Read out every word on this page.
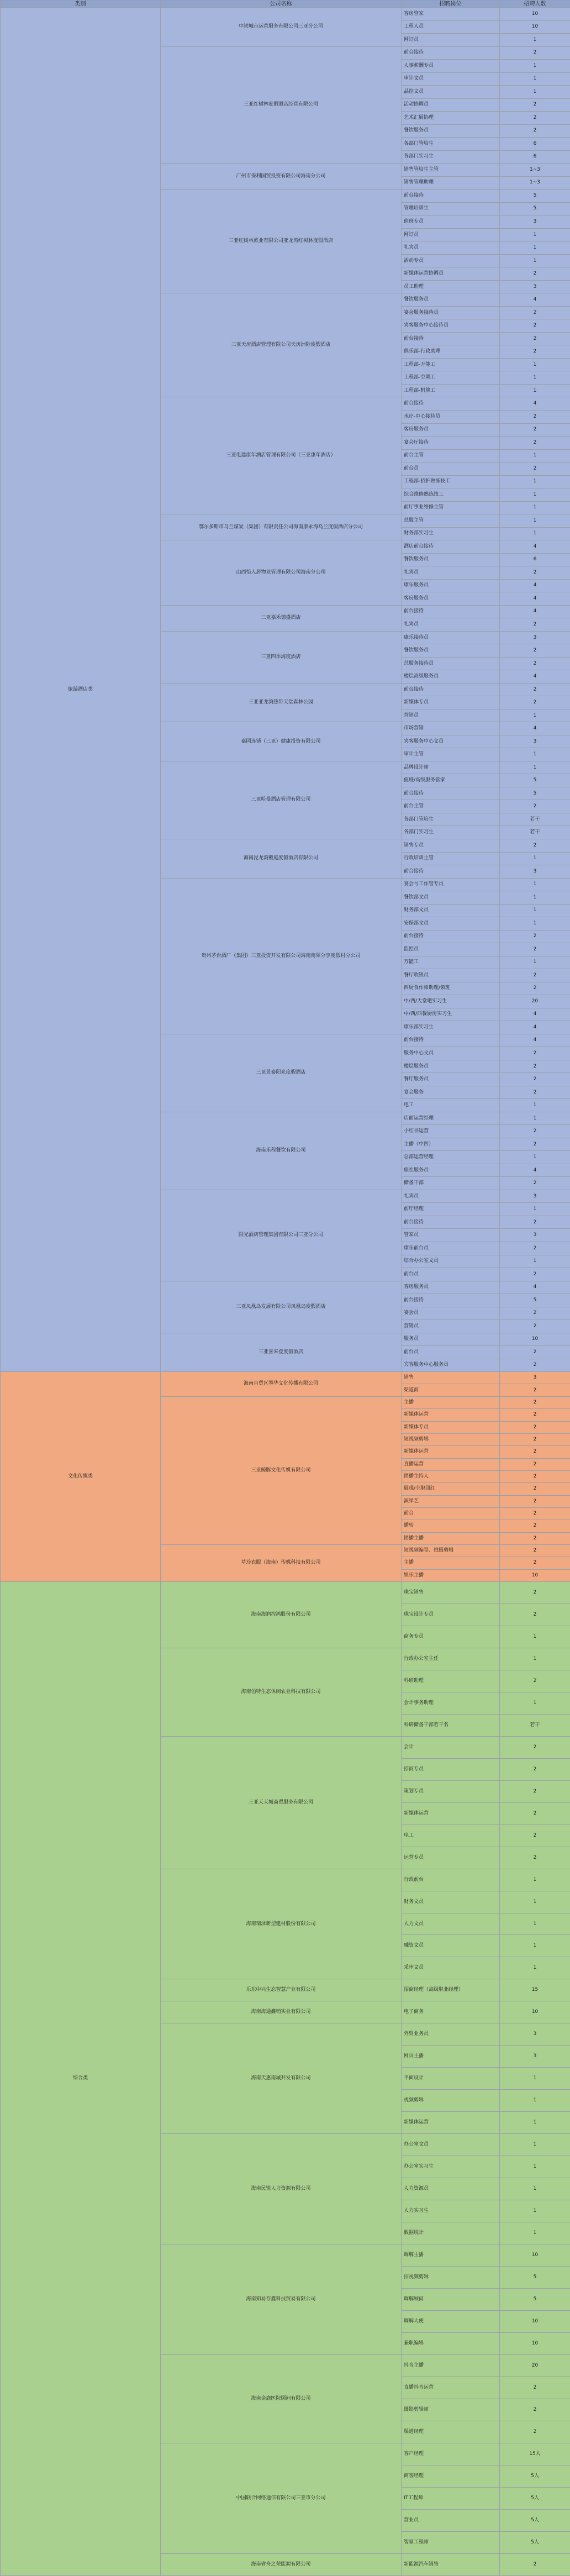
类别	公司名称	招聘岗位	招聘人数
旅游酒店类	中铁城市运营服务有限公司三亚分公司	客房管家	10
		工程人员	10
		网订员	1
	三亚红树林度假酒店经营有限公司	前台接待	2
		人事薪酬专员	1
		审计文员	1
		品控文员	1
		活动协调员	2
		艺术汇展协理	2
		餐饮服务员	2
		各部门管培生	6
		各部门实习生	6
	广州市保利国贸投资有限公司海南分公司	销售管培生主管	1~3
		销售管理助理	1~3
	三亚红树林旅业有限公司亚龙湾红树林度假酒店	前台接待	5
		管理培训生	5
		值班专员	3
		网订员	1
		礼宾员	1
		活动专员	1
		新媒体运营协调员	2
		员工助理	3
	三亚天房酒店管理有限公司天房洲际度假酒店	餐饮服务员	4
		宴会服务接待员	2
		宾客服务中心接待员	2
		前台接待	2
		俱乐部-行政助理	2
		工程部-万能工	1
		工程部-空调工	1
		工程部-机修工	1
	三亚电建康年酒店管理有限公司（三亚康年酒店）	前台接待	4
		水疗-中心接待员	2
		客房服务员	2
		宴会厅接待	2
		前台主管	1
		前台员	2
		工程部-招护熟练技工	1
		综合维修熟练技工	1
		前厅事业维修主管	1
	鄂尔多斯市乌兰煤炭（集团）有限责任公司海南康永海乌兰度假酒店分公司	总服主管	1
		财务部实习生	1
	山西怡人居物业管理有限公司海南分公司	酒店前台接待	4
		餐饮服务员	6
		礼宾员	2
		康乐服务员	4
		客房服务员	4
	三亚嘉禾德盛酒店	前台接待	4
		礼宾员	2
	三亚四季海度酒店	康乐接待员	3
		餐饮服务员	2
		总服务接待员	2
		楼层高级服务员	4
	三亚亚龙湾热带天堂森林公园	前台接待	2
		新媒体专员	2
		营销员	1
	嘉园连锁（三亚）健康投资有限公司	市场营销	4
		宾客服务中心文员	3
		审计主管	1
	三亚哈曼酒店管理有限公司	品牌设计师	1
		值班/高级服务管家	5
		前台接待	5
		前台主管	2
		各部门管培生	若干
		各部门实习生	若干
	海南昆龙湾戴庭度假酒店有限公司	销售专员	2
		行政培训主管	1
		前台接待	3
	贵州茅台酒厂（集团）三亚投资开发有限公司海南南翠分享度假村分公司	宴会与工作管专员	1
		餐饮部文员	1
		财务部文员	1
		安保部文员	1
		前台接待	2
		监控员	2
		万能工	1
		餐厅收银员	2
		西厨食作师助理/领班	2
		中/西/大堂吧实习生	20
		中/西/西餐厨房实习生	4
		康乐部实习生	4
	三亚景泰阳光度假酒店	前台接待	4
		服务中心文员	2
		楼层服务员	2
		餐厅服务员	2
		宴会服务	2
		电工	1
	海南乐程餐饮有限公司	店面运营经理	1
		小红书运营	2
		主播（中四）	2
		总部运营经理	1
		旅社服务员	4
		储备干部	2
	阳光酒店管理集团有限公司三亚分公司	礼宾员	3
		前厅经理	1
		前台接待	2
		管家员	3
		康乐前台员	2
		综合办公室文员	1
		前台员	2
	三亚凤凰岛发展有限公司凤凰岛度假酒店	客房服务员	4
		前台接待	5
		宴会员	2
		营销员	2
	三亚喜来登度假酒店	服务员	10
		前台员	2
		宾客服务中心服务员	2
文化传媒类	海南自贸区墨华文化传播有限公司	销售	3
		渠道商	2
	三亚鲸豚文化传媒有限公司	主播	2
		新媒体运营	2
		新媒体专员	2
		短视频剪辑	2
		新媒体运营	2
		直播运营	2
		团播主持人	2
		展现/全职回红	2
		演绎艺	2
		前台	2
		播转	2
		团播主播	2
	草玲衣服（海南）传媒科技有限公司	短视频编导、拍摄剪辑	2
		主播	2
		娱乐主播	10
综合类	海南海润控鸿股份有限公司	珠宝销售	2
		珠宝设计专员	2
		商务专员	1
	海南伯特生态休闲农业科技有限公司	行政办公室主任	1
		科研助理	2
		会计事务助理	1
		科研储备干部若干名	若干
	三亚天天城商贸服务有限公司	会计	2
		招商专员	2
		策划专员	2
		新媒体运营	2
		电工	2
		运营专员	2
	海南瑞泽新型建材股份有限公司	行政前台	1
		财务文员	1
		人力文员	1
		融资文员	1
		采审文员	1
	乐东中兴生态智慧产业有限公司	招商经理（高级职业经理）	15
	海南海通鑫销实业有限公司	电子商务	10
	海南天惠南城开发有限公司	外贸业务员	3
		网页主播	3
		平面设计	1
		视频剪辑	1
		新媒体运营	1
	海南民锐人力资源有限公司	办公室文员	1
		办公室实习生	1
		人力资源员	1
		人力实习生	1
		数据统计	1
	海南知易存鑫科技贸易有限公司	调解主播	10
		招视频剪辑	5
		调解顾问	5
		调解大使	10
		兼职编辑	10
	海南金鹿医院顾问有限公司	抖音主播	20
		直播抖音运营	2
		摄影剪辑师	2
		渠道经理	2
	中国联合网络通信有限公司三亚市分公司	客户经理	15人
		商客经理	5人
		IT工程师	5人
		营业员	5人
		智家工程师	5人
	海南省舟之荣能源有限公司	新能源汽车销售	2
